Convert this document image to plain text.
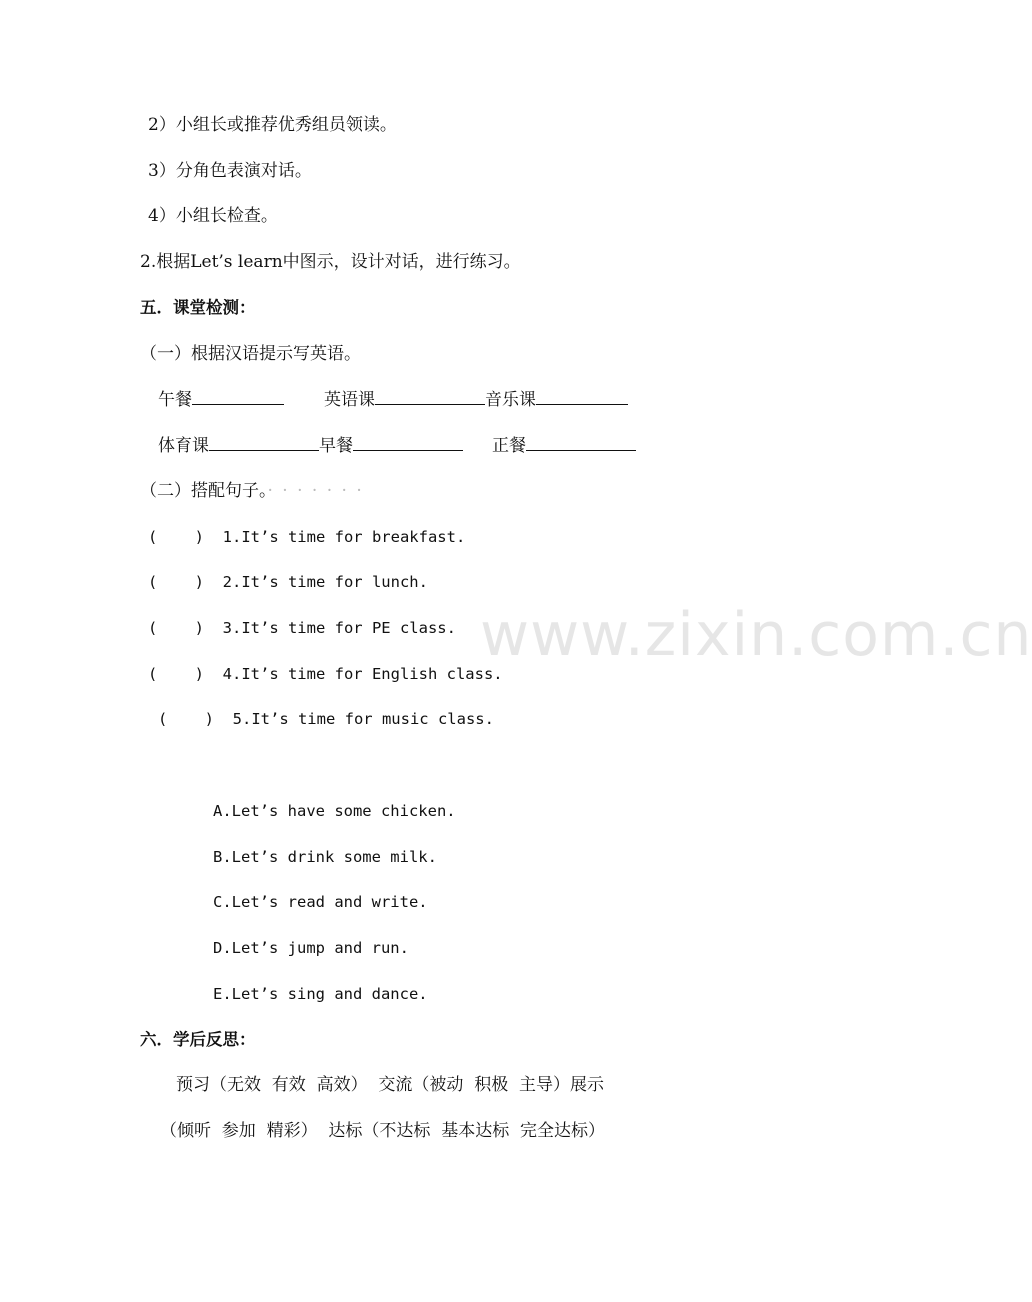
www.zixin.com.cn
2）小组长或推荐优秀组员领读。
3）分角色表演对话。
4）小组长检查。
2.根据Let’s learn中图示，设计对话，进行练习。
五．课堂检测：
（一）根据汉语提示写英语。
午餐	英语课	音乐课
体育课	早餐	正餐
（二）搭配句子。· · · · · · ·
(    )  1.It’s time for breakfast.
(    )  2.It’s time for lunch.
(    )  3.It’s time for PE class.
(    )  4.It’s time for English class.
(    )  5.It’s time for music class.
A.Let’s have some chicken.
B.Let’s drink some milk.
C.Let’s read and write.
D.Let’s jump and run.
E.Let’s sing and dance.
六．学后反思：
预习（无效  有效  高效）  交流（被动  积极  主导）展示
（倾听  参加  精彩）  达标（不达标  基本达标  完全达标）
